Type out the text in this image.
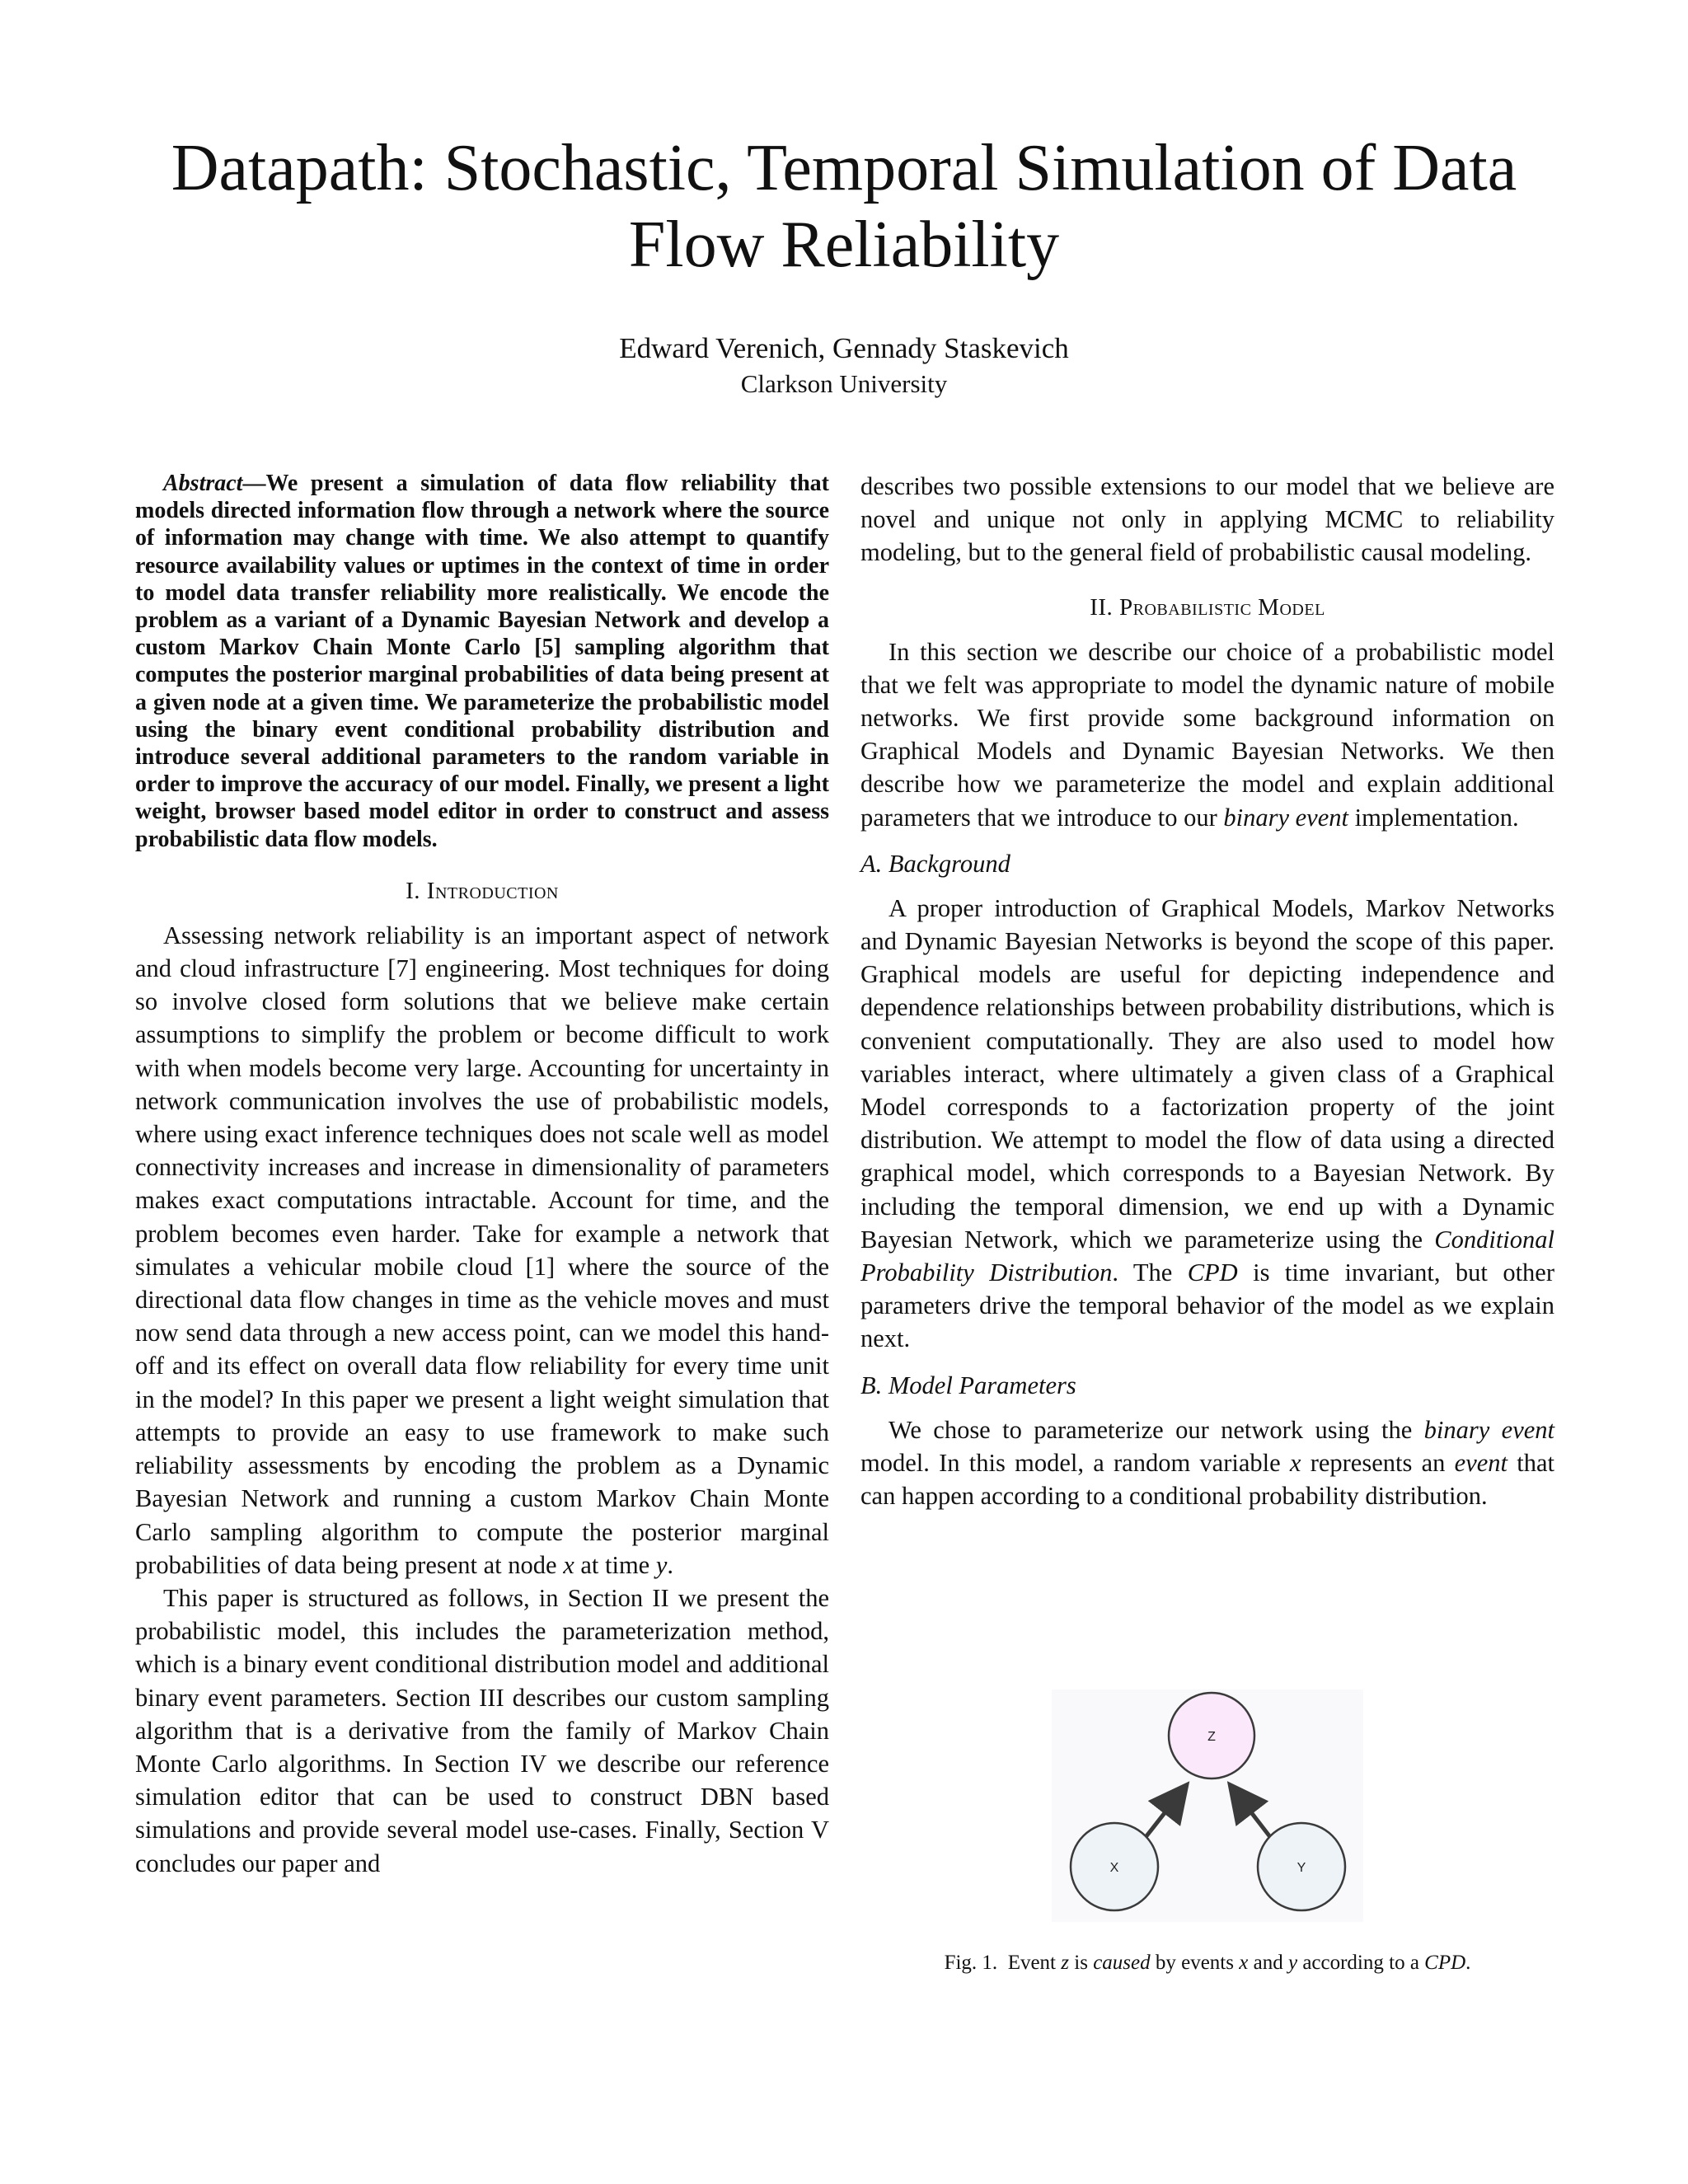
Datapath: Stochastic, Temporal Simulation of Data Flow Reliability
Edward Verenich, Gennady Staskevich
Clarkson University

Abstract—We present a simulation of data flow reliability that models directed information flow through a network where the source of information may change with time. We also attempt to quantify resource availability values or uptimes in the context of time in order to model data transfer reliability more realistically. We encode the problem as a variant of a Dynamic Bayesian Network and develop a custom Markov Chain Monte Carlo [5] sampling algorithm that computes the posterior marginal probabilities of data being present at a given node at a given time. We parameterize the probabilistic model using the binary event conditional probability distribution and introduce several additional parameters to the random variable in order to improve the accuracy of our model. Finally, we present a light weight, browser based model editor in order to construct and assess probabilistic data flow models.

I. Introduction

Assessing network reliability is an important aspect of network and cloud infrastructure [7] engineering. Most techniques for doing so involve closed form solutions that we believe make certain assumptions to simplify the problem or become difficult to work with when models become very large. Accounting for uncertainty in network communication involves the use of probabilistic models, where using exact inference techniques does not scale well as model connectivity increases and increase in dimensionality of parameters makes exact computations intractable. Account for time, and the problem becomes even harder. Take for example a network that simulates a vehicular mobile cloud [1] where the source of the directional data flow changes in time as the vehicle moves and must now send data through a new access point, can we model this hand-off and its effect on overall data flow reliability for every time unit in the model? In this paper we present a light weight simulation that attempts to provide an easy to use framework to make such reliability assessments by encoding the problem as a Dynamic Bayesian Network and running a custom Markov Chain Monte Carlo sampling algorithm to compute the posterior marginal probabilities of data being present at node x at time y.

This paper is structured as follows, in Section II we present the probabilistic model, this includes the parameterization method, which is a binary event conditional distribution model and additional binary event parameters. Section III describes our custom sampling algorithm that is a derivative from the family of Markov Chain Monte Carlo algorithms. In Section IV we describe our reference simulation editor that can be used to construct DBN based simulations and provide several model use-cases. Finally, Section V concludes our paper and

describes two possible extensions to our model that we believe are novel and unique not only in applying MCMC to reliability modeling, but to the general field of probabilistic causal modeling.

II. Probabilistic Model

In this section we describe our choice of a probabilistic model that we felt was appropriate to model the dynamic nature of mobile networks. We first provide some background information on Graphical Models and Dynamic Bayesian Networks. We then describe how we parameterize the model and explain additional parameters that we introduce to our binary event implementation.

A. Background

A proper introduction of Graphical Models, Markov Networks and Dynamic Bayesian Networks is beyond the scope of this paper. Graphical models are useful for depicting independence and dependence relationships between probability distributions, which is convenient computationally. They are also used to model how variables interact, where ultimately a given class of a Graphical Model corresponds to a factorization property of the joint distribution. We attempt to model the flow of data using a directed graphical model, which corresponds to a Bayesian Network. By including the temporal dimension, we end up with a Dynamic Bayesian Network, which we parameterize using the Conditional Probability Distribution. The CPD is time invariant, but other parameters drive the temporal behavior of the model as we explain next.

B. Model Parameters

We chose to parameterize our network using the binary event model. In this model, a random variable x represents an event that can happen according to a conditional probability distribution.

Z
X	Y
Fig. 1. Event z is caused by events x and y according to a CPD.
